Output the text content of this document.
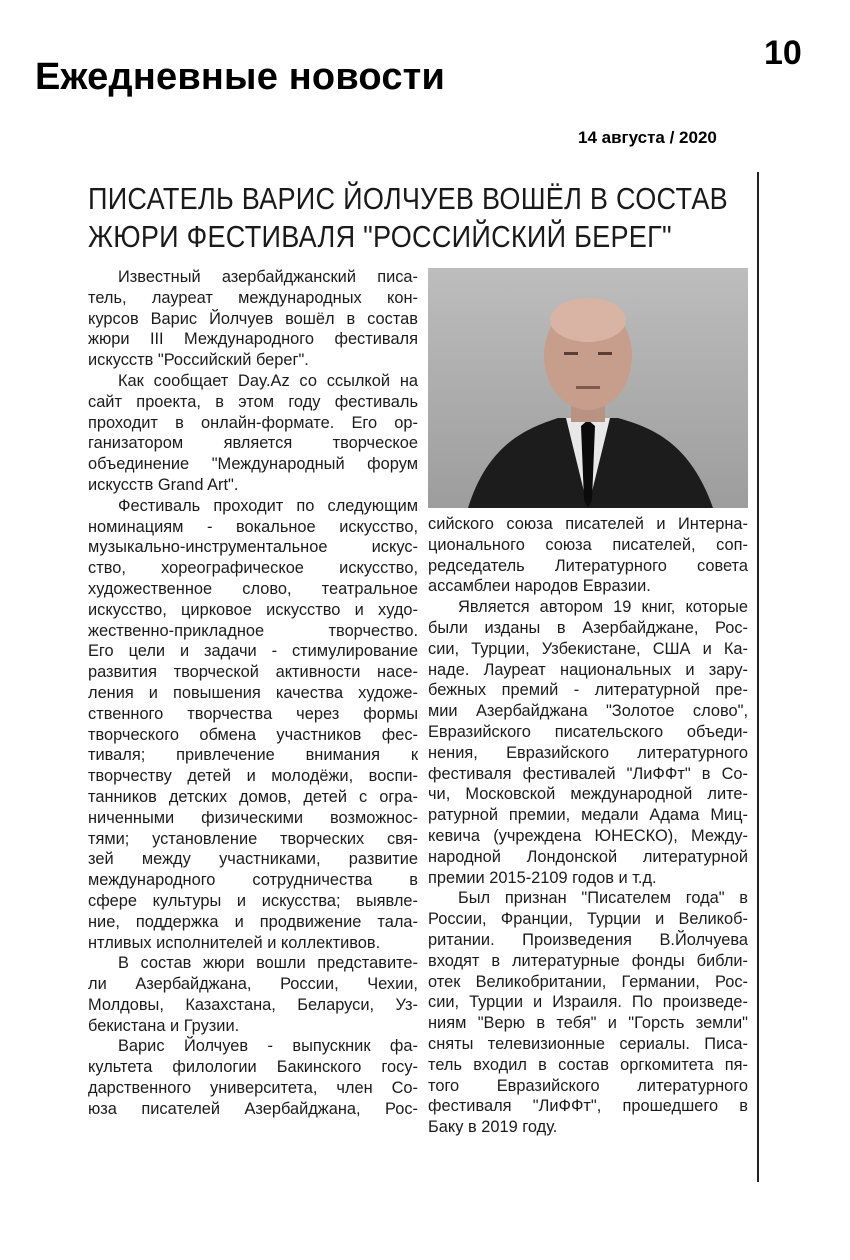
Ежедневные новости
10
14 августа / 2020
ПИСАТЕЛЬ ВАРИС ЙОЛЧУЕВ ВОШЁЛ В СОСТАВ
ЖЮРИ ФЕСТИВАЛЯ "РОССИЙСКИЙ БЕРЕГ"
Известный азербайджанский писа-
тель, лауреат международных кон-
курсов Варис Йолчуев вошёл в состав
жюри III Международного фестиваля
искусств "Российский берег".
Как сообщает Day.Az со ссылкой на
сайт проекта, в этом году фестиваль
проходит в онлайн-формате. Его ор-
ганизатором является творческое
объединение "Международный форум
искусств Grand Art".
Фестиваль проходит по следующим
номинациям - вокальное искусство,
музыкально-инструментальное искус-
ство, хореографическое искусство,
художественное слово, театральное
искусство, цирковое искусство и худо-
жественно-прикладное творчество.
Его цели и задачи - стимулирование
развития творческой активности насе-
ления и повышения качества художе-
ственного творчества через формы
творческого обмена участников фес-
тиваля; привлечение внимания к
творчеству детей и молодёжи, воспи-
танников детских домов, детей с огра-
ниченными физическими возможнос-
тями; установление творческих свя-
зей между участниками, развитие
международного сотрудничества в
сфере культуры и искусства; выявле-
ние, поддержка и продвижение тала-
нтливых исполнителей и коллективов.
В состав жюри вошли представите-
ли Азербайджана, России, Чехии,
Молдовы, Казахстана, Беларуси, Уз-
бекистана и Грузии.
Варис Йолчуев - выпускник фа-
культета филологии Бакинского госу-
дарственного университета, член Со-
юза писателей Азербайджана, Рос-
сийского союза писателей и Интерна-
ционального союза писателей, соп-
редседатель Литературного совета
ассамблеи народов Евразии.
Является автором 19 книг, которые
были изданы в Азербайджане, Рос-
сии, Турции, Узбекистане, США и Ка-
наде. Лауреат национальных и зару-
бежных премий - литературной пре-
мии Азербайджана "Золотое слово",
Евразийского писательского объеди-
нения, Евразийского литературного
фестиваля фестивалей "ЛиФФт" в Со-
чи, Московской международной лите-
ратурной премии, медали Адама Миц-
кевича (учреждена ЮНЕСКО), Между-
народной Лондонской литературной
премии 2015-2109 годов и т.д.
Был признан "Писателем года" в
России, Франции, Турции и Великоб-
ритании. Произведения В.Йолчуева
входят в литературные фонды библи-
отек Великобритании, Германии, Рос-
сии, Турции и Израиля. По произведе-
ниям "Верю в тебя" и "Горсть земли"
сняты телевизионные сериалы. Писа-
тель входил в состав оргкомитета пя-
того Евразийского литературного
фестиваля "ЛиФФт", прошедшего в
Баку в 2019 году.
